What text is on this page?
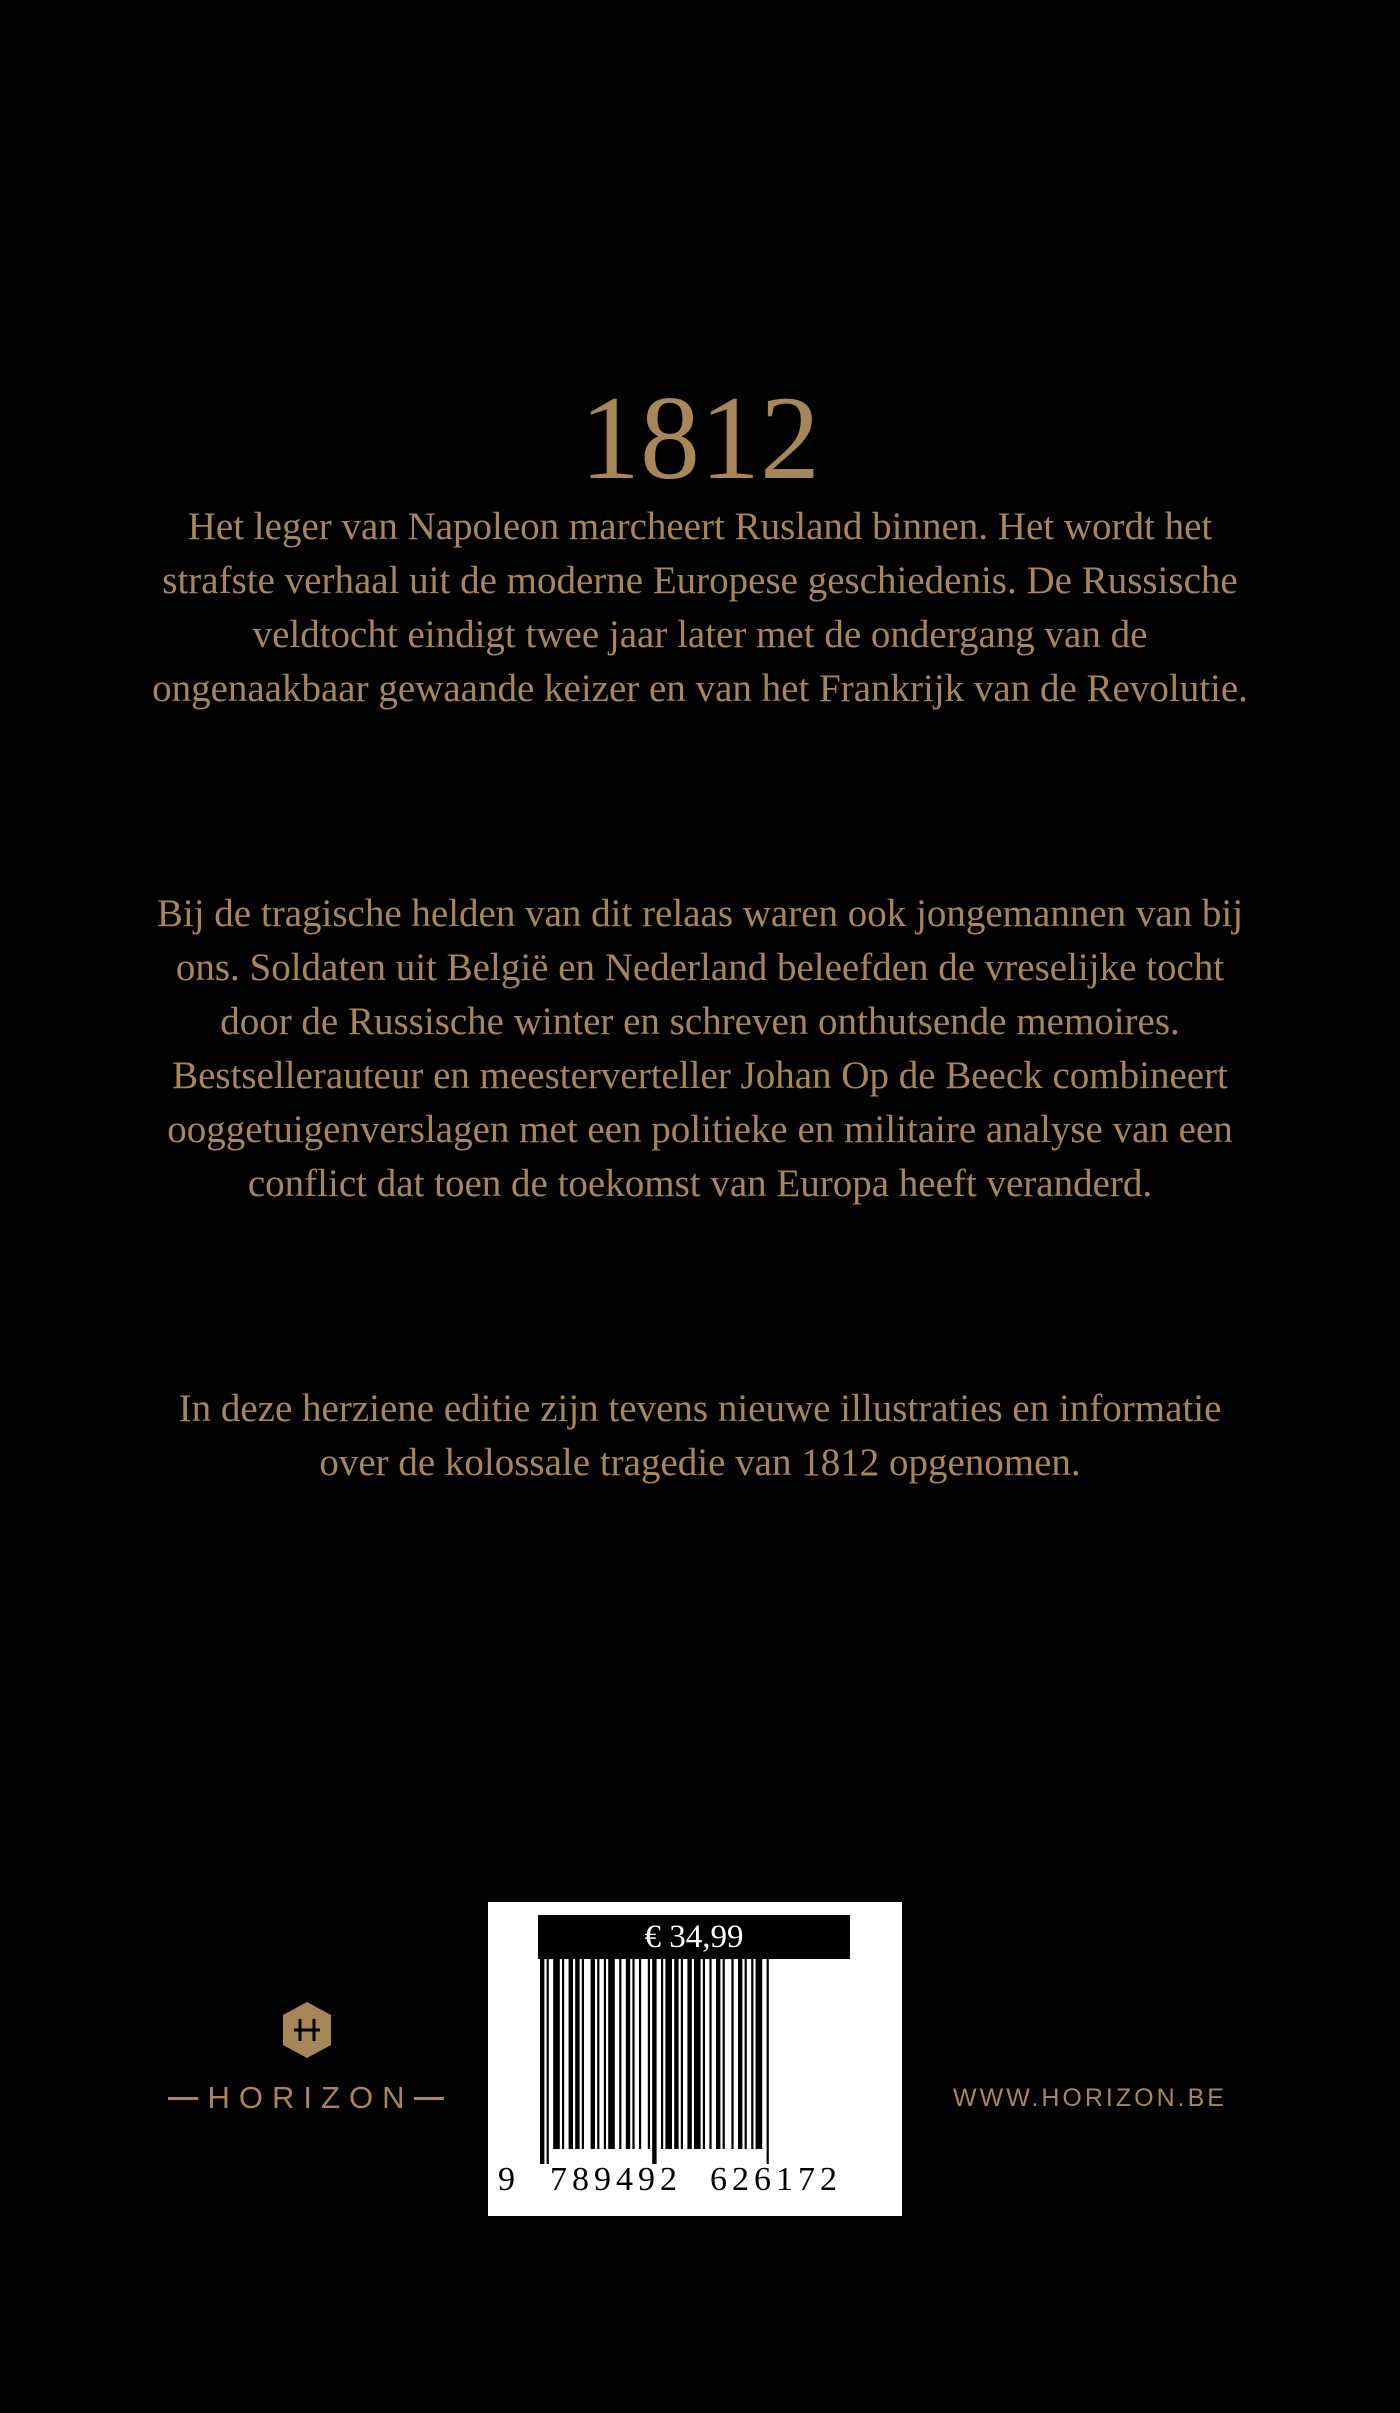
1812

Het leger van Napoleon marcheert Rusland binnen. Het wordt het strafste verhaal uit de moderne Europese geschiedenis. De Russische veldtocht eindigt twee jaar later met de ondergang van de ongenaakbaar gewaande keizer en van het Frankrijk van de Revolutie.

Bij de tragische helden van dit relaas waren ook jongemannen van bij ons. Soldaten uit België en Nederland beleefden de vreselijke tocht door de Russische winter en schreven onthutsende memoires. Bestsellerauteur en meesterverteller Johan Op de Beeck combineert ooggetuigenverslagen met een politieke en militaire analyse van een conflict dat toen de toekomst van Europa heeft veranderd.

In deze herziene editie zijn tevens nieuwe illustraties en informatie over de kolossale tragedie van 1812 opgenomen.

HORIZON	WWW.HORIZON.BE
€ 34,99
9 789492 626172
